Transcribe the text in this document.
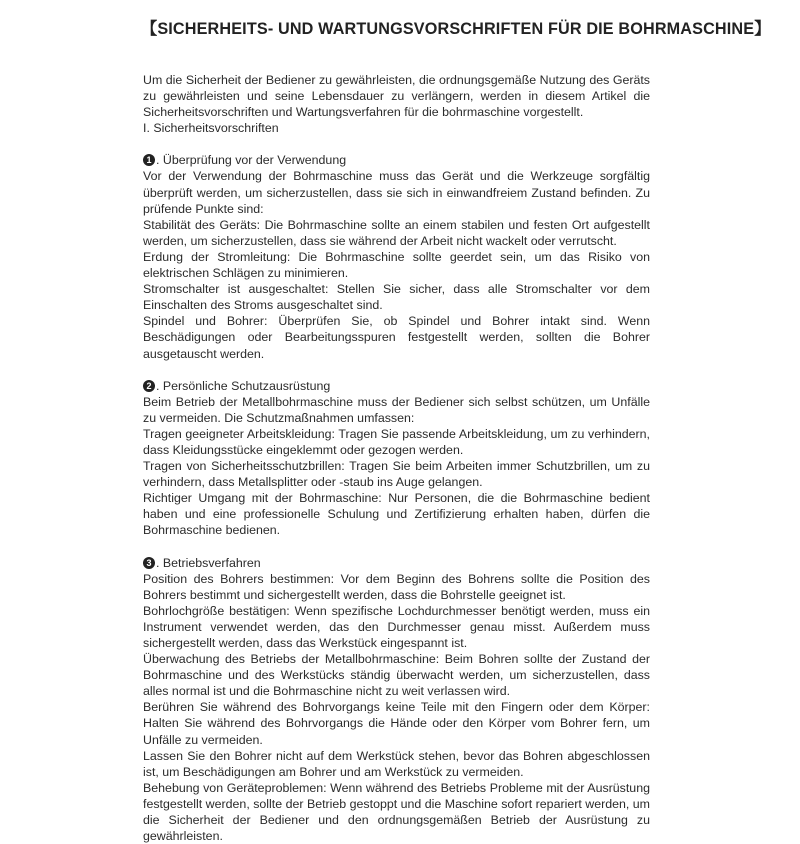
【SICHERHEITS- UND WARTUNGSVORSCHRIFTEN FÜR DIE BOHRMASCHINE】

Um die Sicherheit der Bediener zu gewährleisten, die ordnungsgemäße Nutzung des Geräts zu gewährleisten und seine Lebensdauer zu verlängern, werden in diesem Artikel die Sicherheitsvorschriften und Wartungsverfahren für die bohrmaschine vorgestellt.

I. Sicherheitsvorschriften

1 . Überprüfung vor der Verwendung

Vor der Verwendung der Bohrmaschine muss das Gerät und die Werkzeuge sorgfältig überprüft werden, um sicherzustellen, dass sie sich in einwandfreiem Zustand befinden. Zu prüfende Punkte sind:

Stabilität des Geräts: Die Bohrmaschine sollte an einem stabilen und festen Ort aufgestellt werden, um sicherzustellen, dass sie während der Arbeit nicht wackelt oder verrutscht.

Erdung der Stromleitung: Die Bohrmaschine sollte geerdet sein, um das Risiko von elektrischen Schlägen zu minimieren.

Stromschalter ist ausgeschaltet: Stellen Sie sicher, dass alle Stromschalter vor dem Einschalten des Stroms ausgeschaltet sind.

Spindel und Bohrer: Überprüfen Sie, ob Spindel und Bohrer intakt sind. Wenn Beschädigungen oder Bearbeitungsspuren festgestellt werden, sollten die Bohrer ausgetauscht werden.

2 . Persönliche Schutzausrüstung

Beim Betrieb der Metallbohrmaschine muss der Bediener sich selbst schützen, um Unfälle zu vermeiden. Die Schutzmaßnahmen umfassen:

Tragen geeigneter Arbeitskleidung: Tragen Sie passende Arbeitskleidung, um zu verhindern, dass Kleidungsstücke eingeklemmt oder gezogen werden.

Tragen von Sicherheitsschutzbrillen: Tragen Sie beim Arbeiten immer Schutzbrillen, um zu verhindern, dass Metallsplitter oder -staub ins Auge gelangen.

Richtiger Umgang mit der Bohrmaschine: Nur Personen, die die Bohrmaschine bedient haben und eine professionelle Schulung und Zertifizierung erhalten haben, dürfen die Bohrmaschine bedienen.

3 . Betriebsverfahren

Position des Bohrers bestimmen: Vor dem Beginn des Bohrens sollte die Position des Bohrers bestimmt und sichergestellt werden, dass die Bohrstelle geeignet ist.

Bohrlochgröße bestätigen: Wenn spezifische Lochdurchmesser benötigt werden, muss ein Instrument verwendet werden, das den Durchmesser genau misst. Außerdem muss sichergestellt werden, dass das Werkstück eingespannt ist.

Überwachung des Betriebs der Metallbohrmaschine: Beim Bohren sollte der Zustand der Bohrmaschine und des Werkstücks ständig überwacht werden, um sicherzustellen, dass alles normal ist und die Bohrmaschine nicht zu weit verlassen wird.

Berühren Sie während des Bohrvorgangs keine Teile mit den Fingern oder dem Körper: Halten Sie während des Bohrvorgangs die Hände oder den Körper vom Bohrer fern, um Unfälle zu vermeiden.

Lassen Sie den Bohrer nicht auf dem Werkstück stehen, bevor das Bohren abgeschlossen ist, um Beschädigungen am Bohrer und am Werkstück zu vermeiden.

Behebung von Geräteproblemen: Wenn während des Betriebs Probleme mit der Ausrüstung festgestellt werden, sollte der Betrieb gestoppt und die Maschine sofort repariert werden, um die Sicherheit der Bediener und den ordnungsgemäßen Betrieb der Ausrüstung zu gewährleisten.
